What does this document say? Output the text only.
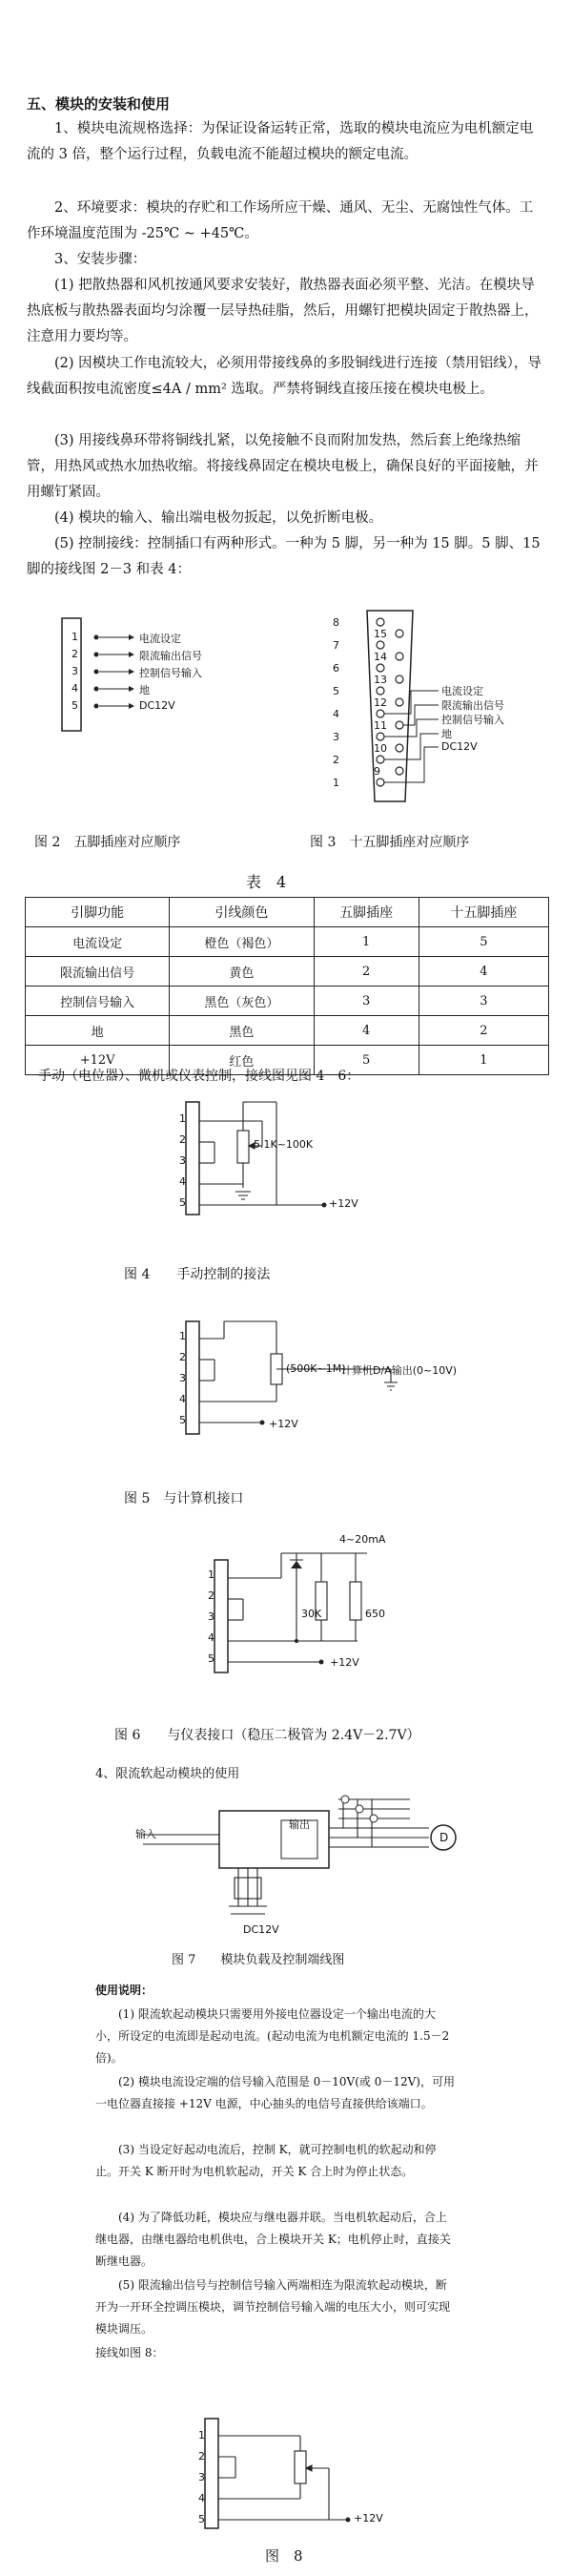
五、模块的安装和使用
1、模块电流规格选择：为保证设备运转正常，选取的模块电流应为电机额定电流的 3 倍，整个运行过程，负载电流不能超过模块的额定电流。
2、环境要求：模块的存贮和工作场所应干燥、通风、无尘、无腐蚀性气体。工作环境温度范围为 -25℃ ~ +45℃。
3、安装步骤：
(1) 把散热器和风机按通风要求安装好，散热器表面必须平整、光洁。在模块导热底板与散热器表面均匀涂覆一层导热硅脂，然后，用螺钉把模块固定于散热器上，注意用力要均等。
(2) 因模块工作电流较大，必须用带接线鼻的多股铜线进行连接（禁用铝线），导线截面积按电流密度≤4A / mm² 选取。严禁将铜线直接压接在模块电极上。
(3) 用接线鼻环带将铜线扎紧，以免接触不良而附加发热，然后套上绝缘热缩管，用热风或热水加热收缩。将接线鼻固定在模块电极上，确保良好的平面接触，并用螺钉紧固。
(4) 模块的输入、输出端电极勿扳起，以免折断电极。
(5) 控制接线：控制插口有两种形式。一种为 5 脚，另一种为 15 脚。5 脚、15 脚的接线图 2－3 和表 4：
1
2
3
4
5
电流设定
限流输出信号
控制信号输入
地
DC12V
图 2　五脚插座对应顺序
8
7
6
5
4
3
2
1
15
14
13
12
11
10
9
电流设定
限流输出信号
控制信号输入
地
DC12V
图 3　十五脚插座对应顺序
表　4
引脚功能	引线颜色	五脚插座	十五脚插座
电流设定	橙色（褐色）	1	5
限流输出信号	黄色	2	4
控制信号输入	黑色（灰色）	3	3
地	黑色	4	2
+12V	红色	5	1
手动（电位器）、微机或仪表控制，接线图见图 4－6：
1
2
3
4
5
5.1K~100K
+12V
图 4　　手动控制的接法
1
2
3
4
5
(500K~1M)
计算机D/A输出(0~10V)
+12V
图 5　与计算机接口
1
2
3
4
5
4~20mA
30K	650
+12V
图 6　　与仪表接口（稳压二极管为 2.4V－2.7V）
4、限流软起动模块的使用
输出
输入	D
DC12V
图 7　　模块负载及控制端线图
使用说明：
(1) 限流软起动模块只需要用外接电位器设定一个输出电流的大小，所设定的电流即是起动电流。(起动电流为电机额定电流的 1.5－2 倍)。
(2) 模块电流设定端的信号输入范围是 0－10V(或 0－12V)，可用一电位器直接接 +12V 电源，中心抽头的电信号直接供给该端口。
(3) 当设定好起动电流后，控制 K，就可控制电机的软起动和停止。开关 K 断开时为电机软起动，开关 K 合上时为停止状态。
(4) 为了降低功耗，模块应与继电器并联。当电机软起动后，合上继电器，由继电器给电机供电，合上模块开关 K；电机停止时，直接关断继电器。
(5) 限流输出信号与控制信号输入两端相连为限流软起动模块，断开为一开环全控调压模块，调节控制信号输入端的电压大小，则可实现模块调压。
接线如图 8：
1
2
3
4
5	+12V
图　8
